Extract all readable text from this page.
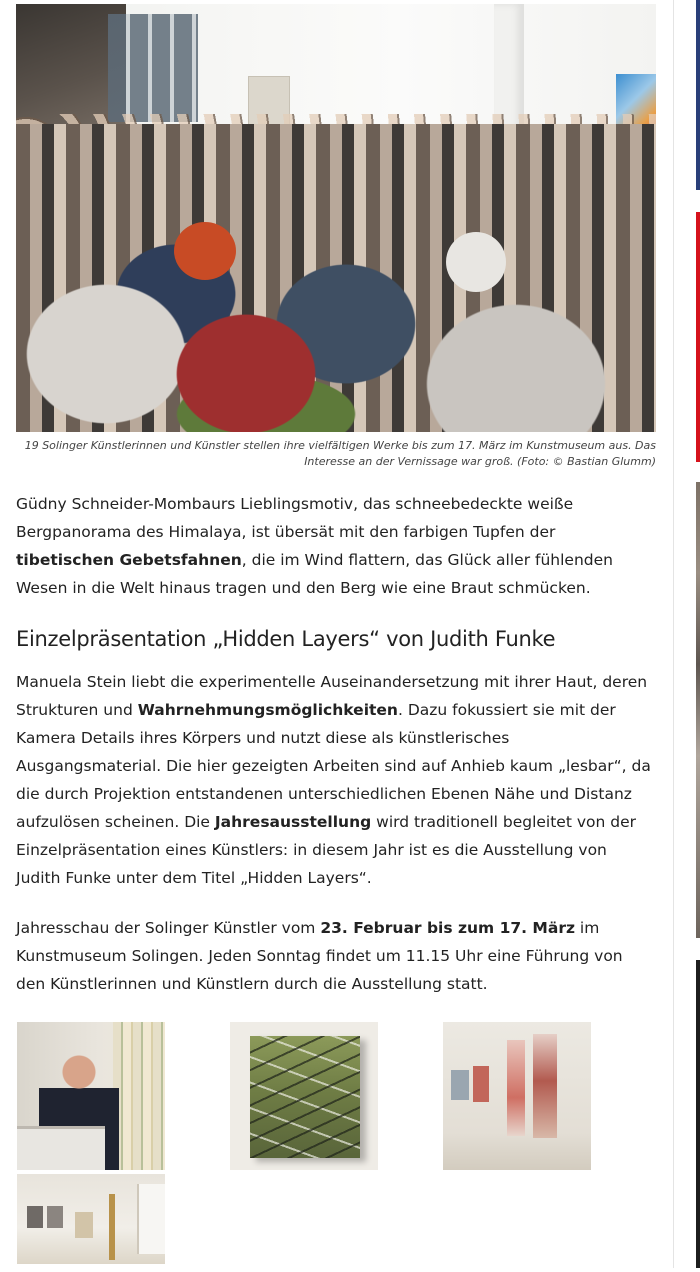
19 Solinger Künstlerinnen und Künstler stellen ihre vielfältigen Werke bis zum 17. März im Kunstmuseum aus. Das Interesse an der Vernissage war groß. (Foto: © Bastian Glumm)

Güdny Schneider-Mombaurs Lieblingsmotiv, das schneebedeckte weiße Bergpanorama des Himalaya, ist übersät mit den farbigen Tupfen der tibetischen Gebetsfahnen, die im Wind flattern, das Glück aller fühlenden Wesen in die Welt hinaus tragen und den Berg wie eine Braut schmücken.

Einzelpräsentation „Hidden Layers“ von Judith Funke

Manuela Stein liebt die experimentelle Auseinandersetzung mit ihrer Haut, deren Strukturen und Wahrnehmungsmöglichkeiten. Dazu fokussiert sie mit der Kamera Details ihres Körpers und nutzt diese als künstlerisches Ausgangsmaterial. Die hier gezeigten Arbeiten sind auf Anhieb kaum „lesbar“, da die durch Projektion entstandenen unterschiedlichen Ebenen Nähe und Distanz aufzulösen scheinen. Die Jahresausstellung wird traditionell begleitet von der Einzelpräsentation eines Künstlers: in diesem Jahr ist es die Ausstellung von Judith Funke unter dem Titel „Hidden Layers“.

Jahresschau der Solinger Künstler vom 23. Februar bis zum 17. März im Kunstmuseum Solingen. Jeden Sonntag findet um 11.15 Uhr eine Führung von den Künstlerinnen und Künstlern durch die Ausstellung statt.
